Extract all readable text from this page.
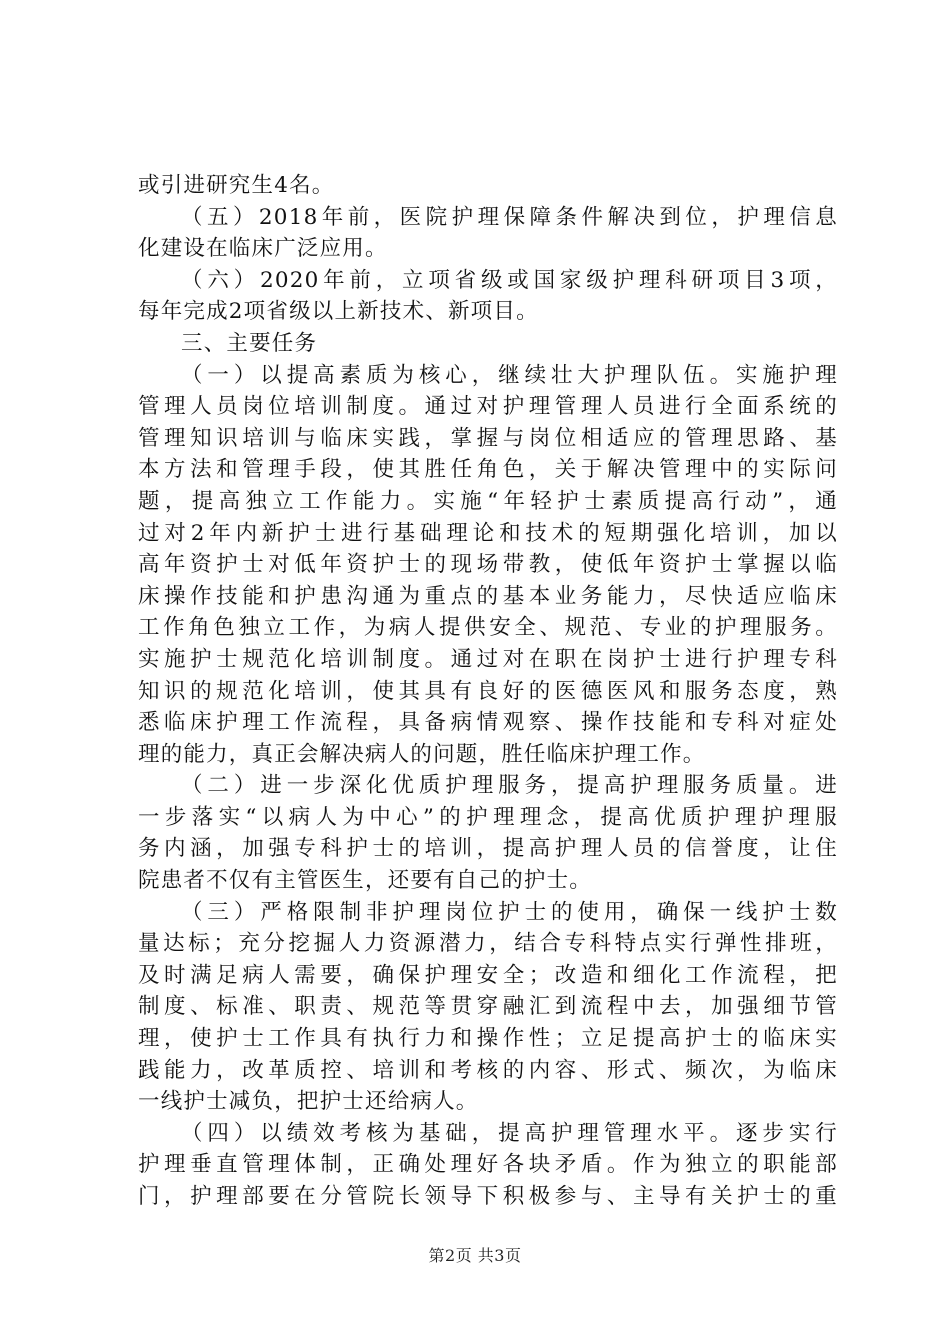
或引进研究生4名。
（五）2018年前，医院护理保障条件解决到位，护理信息
化建设在临床广泛应用。
（六）2020年前，立项省级或国家级护理科研项目3项，
每年完成2项省级以上新技术、新项目。
三、主要任务
（一）以提高素质为核心，继续壮大护理队伍。实施护理
管理人员岗位培训制度。通过对护理管理人员进行全面系统的
管理知识培训与临床实践，掌握与岗位相适应的管理思路、基
本方法和管理手段，使其胜任角色，关于解决管理中的实际问
题，提高独立工作能力。实施“年轻护士素质提高行动”，通
过对2年内新护士进行基础理论和技术的短期强化培训，加以
高年资护士对低年资护士的现场带教，使低年资护士掌握以临
床操作技能和护患沟通为重点的基本业务能力，尽快适应临床
工作角色独立工作，为病人提供安全、规范、专业的护理服务。
实施护士规范化培训制度。通过对在职在岗护士进行护理专科
知识的规范化培训，使其具有良好的医德医风和服务态度，熟
悉临床护理工作流程，具备病情观察、操作技能和专科对症处
理的能力，真正会解决病人的问题，胜任临床护理工作。
（二）进一步深化优质护理服务，提高护理服务质量。进
一步落实“以病人为中心”的护理理念，提高优质护理护理服
务内涵，加强专科护士的培训，提高护理人员的信誉度，让住
院患者不仅有主管医生，还要有自己的护士。
（三）严格限制非护理岗位护士的使用，确保一线护士数
量达标；充分挖掘人力资源潜力，结合专科特点实行弹性排班，
及时满足病人需要，确保护理安全；改造和细化工作流程，把
制度、标准、职责、规范等贯穿融汇到流程中去，加强细节管
理，使护士工作具有执行力和操作性；立足提高护士的临床实
践能力，改革质控、培训和考核的内容、形式、频次，为临床
一线护士减负，把护士还给病人。
（四）以绩效考核为基础，提高护理管理水平。逐步实行
护理垂直管理体制，正确处理好各块矛盾。作为独立的职能部
门，护理部要在分管院长领导下积极参与、主导有关护士的重
第2页 共3页
